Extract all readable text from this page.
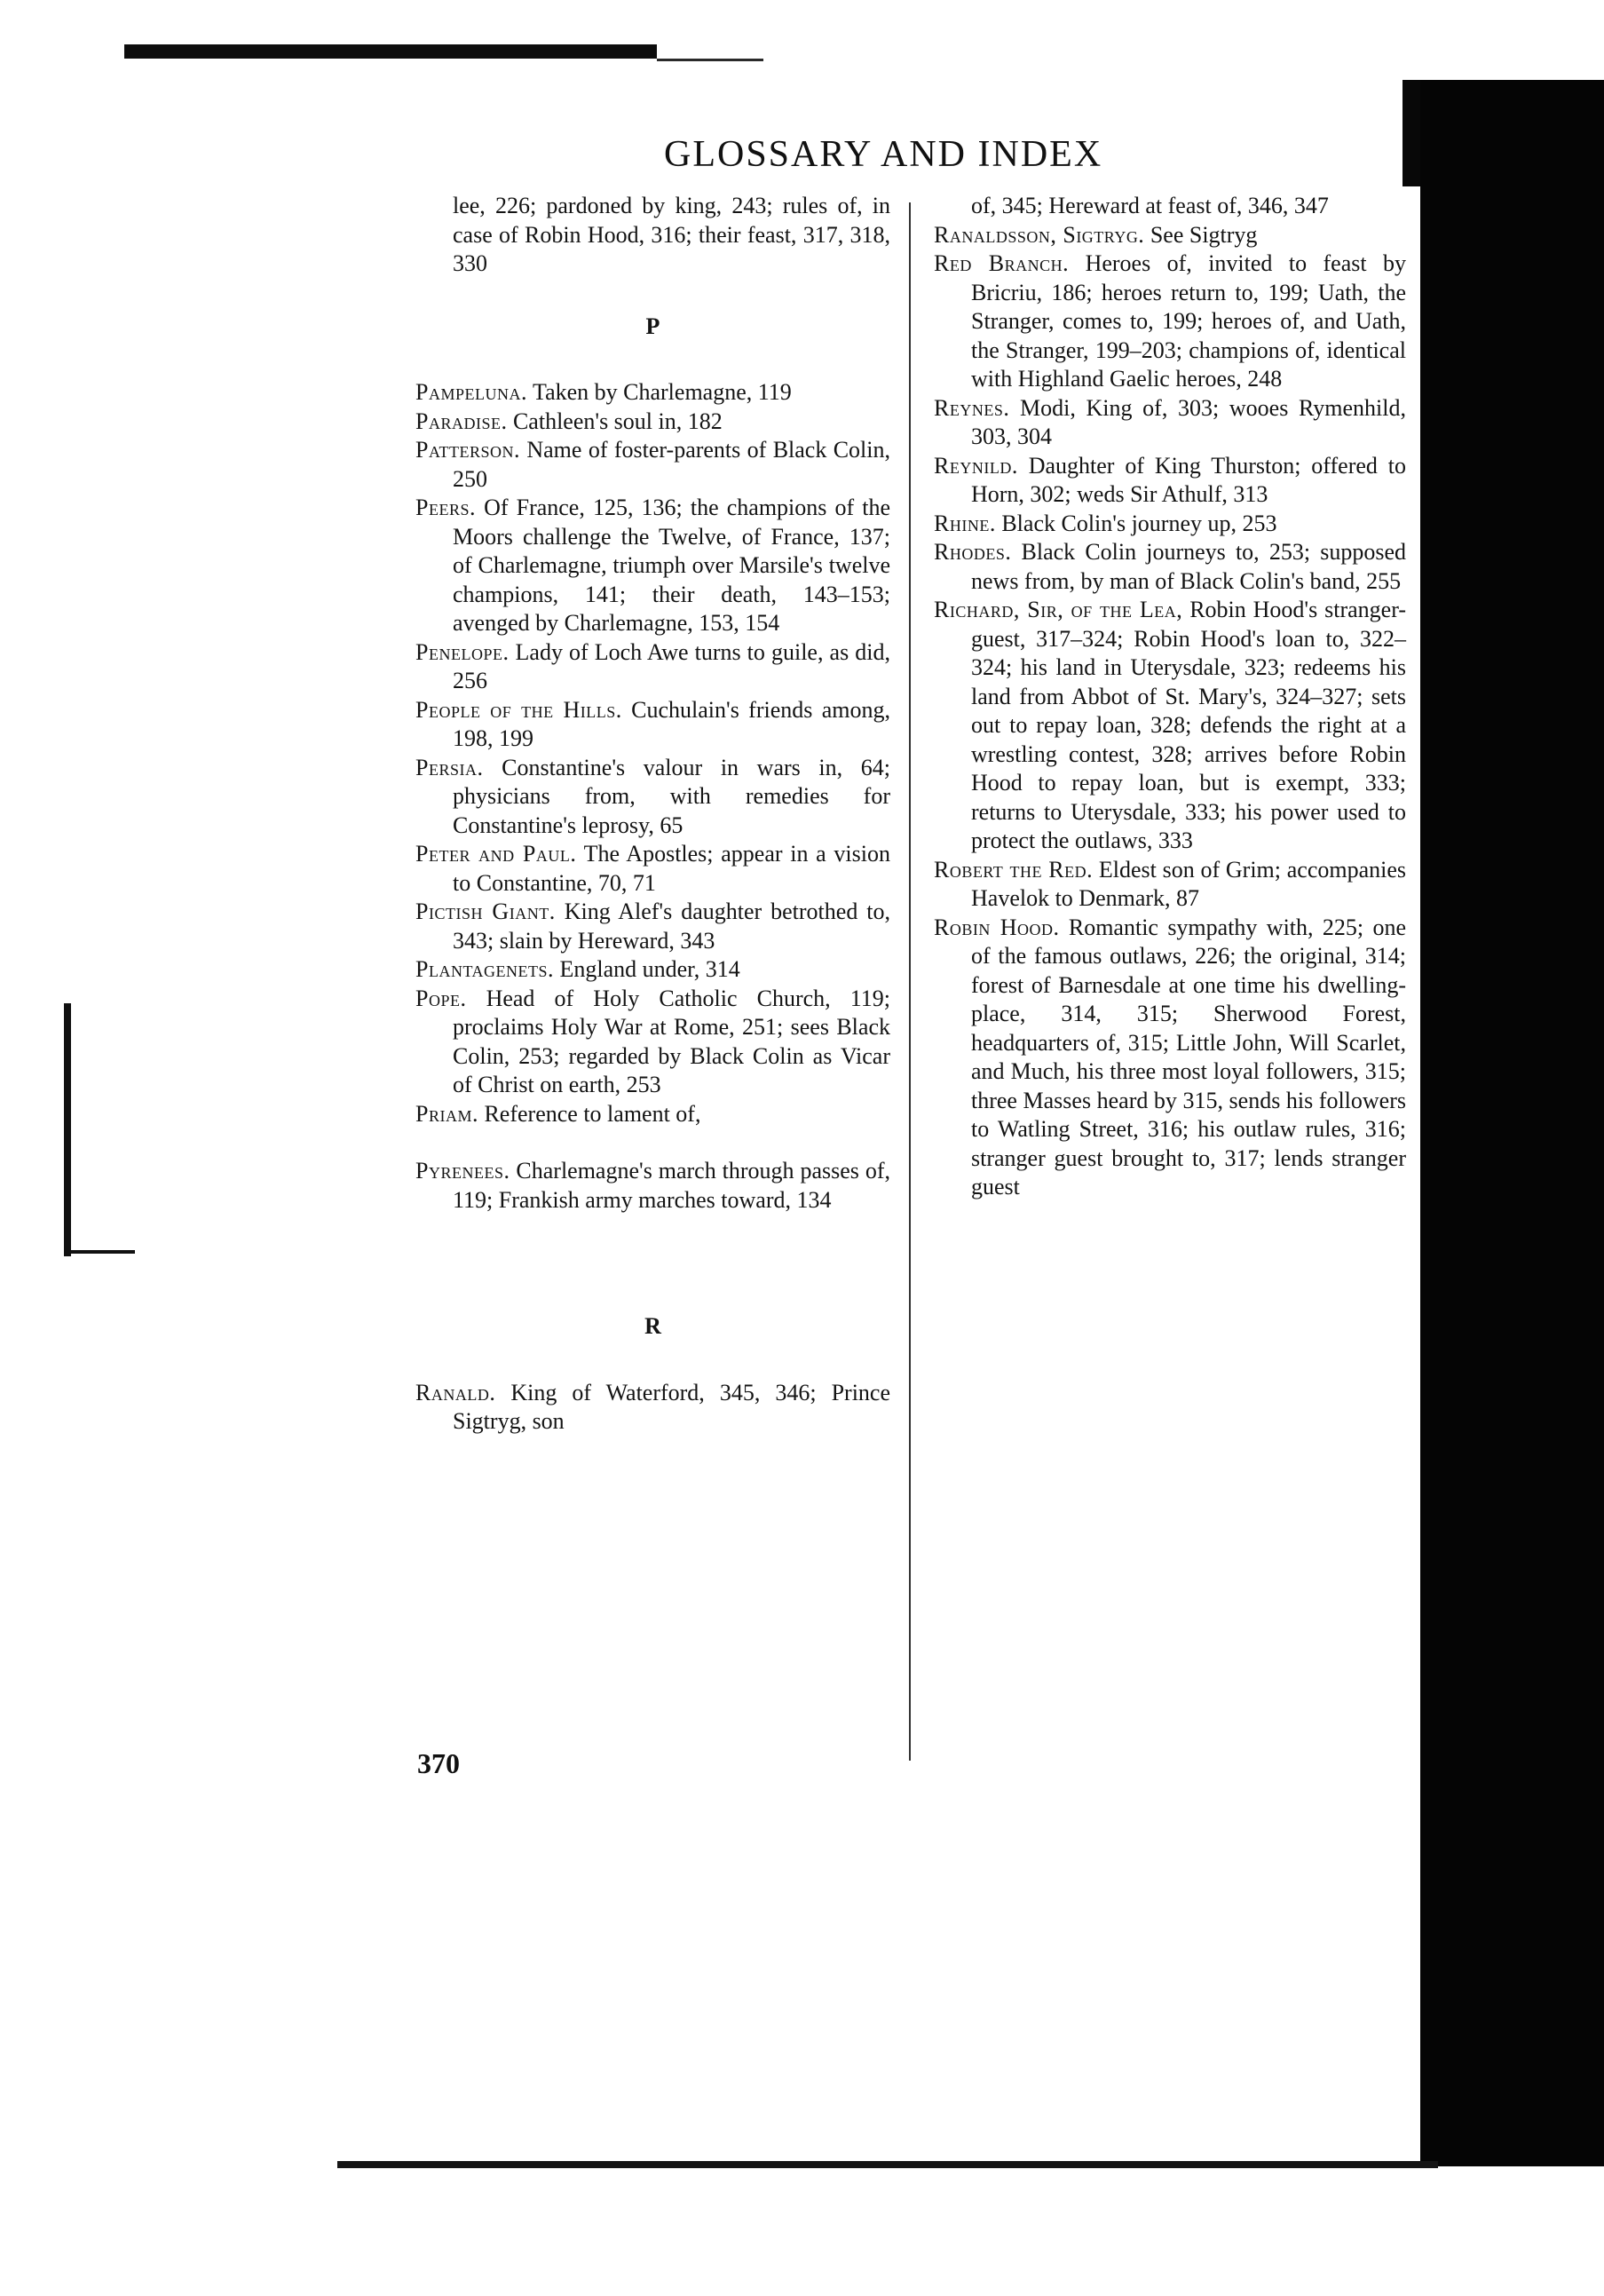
GLOSSARY AND INDEX

lee, 226; pardoned by king, 243; rules of, in case of Robin Hood, 316; their feast, 317, 318, 330

P

Pampeluna. Taken by Charlemagne, 119

Paradise. Cathleen's soul in, 182

Patterson. Name of foster-parents of Black Colin, 250

Peers. Of France, 125, 136; the champions of the Moors challenge the Twelve, of France, 137; of Charlemagne, triumph over Marsile's twelve champions, 141; their death, 143–153; avenged by Charlemagne, 153, 154

Penelope. Lady of Loch Awe turns to guile, as did, 256

People of the Hills. Cuchulain's friends among, 198, 199

Persia. Constantine's valour in wars in, 64; physicians from, with remedies for Constantine's leprosy, 65

Peter and Paul. The Apostles; appear in a vision to Constantine, 70, 71

Pictish Giant. King Alef's daughter betrothed to, 343; slain by Hereward, 343

Plantagenets. England under, 314

Pope. Head of Holy Catholic Church, 119; proclaims Holy War at Rome, 251; sees Black Colin, 253; regarded by Black Colin as Vicar of Christ on earth, 253

Priam. Reference to lament of,

Pyrenees. Charlemagne's march through passes of, 119; Frankish army marches toward, 134

R

Ranald. King of Waterford, 345, 346; Prince Sigtryg, son

of, 345; Hereward at feast of, 346, 347

Ranaldsson, Sigtryg. See Sigtryg

Red Branch. Heroes of, invited to feast by Bricriu, 186; heroes return to, 199; Uath, the Stranger, comes to, 199; heroes of, and Uath, the Stranger, 199–203; champions of, identical with Highland Gaelic heroes, 248

Reynes. Modi, King of, 303; wooes Rymenhild, 303, 304

Reynild. Daughter of King Thurston; offered to Horn, 302; weds Sir Athulf, 313

Rhine. Black Colin's journey up, 253

Rhodes. Black Colin journeys to, 253; supposed news from, by man of Black Colin's band, 255

Richard, Sir, of the Lea, Robin Hood's stranger-guest, 317–324; Robin Hood's loan to, 322–324; his land in Uterysdale, 323; redeems his land from Abbot of St. Mary's, 324–327; sets out to repay loan, 328; defends the right at a wrestling contest, 328; arrives before Robin Hood to repay loan, but is exempt, 333; returns to Uterysdale, 333; his power used to protect the outlaws, 333

Robert the Red. Eldest son of Grim; accompanies Havelok to Denmark, 87

Robin Hood. Romantic sympathy with, 225; one of the famous outlaws, 226; the original, 314; forest of Barnesdale at one time his dwelling-place, 314, 315; Sherwood Forest, headquarters of, 315; Little John, Will Scarlet, and Much, his three most loyal followers, 315; three Masses heard by 315, sends his followers to Watling Street, 316; his outlaw rules, 316; stranger guest brought to, 317; lends stranger guest

370
